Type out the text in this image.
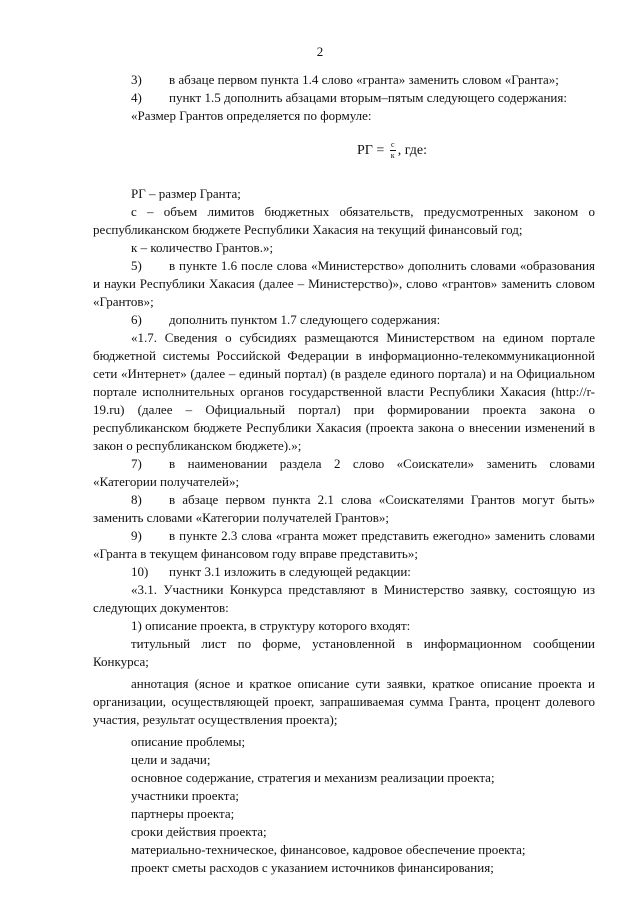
2

3) в абзаце первом пункта 1.4 слово «гранта» заменить словом «Гранта»;

4) пункт 1.5 дополнить абзацами вторым–пятым следующего содержания:

«Размер Грантов определяется по формуле:

РГ = $\frac{с}{к}$ , где:

РГ – размер Гранта;

с – объем лимитов бюджетных обязательств, предусмотренных законом о республиканском бюджете Республики Хакасия на текущий финансовый год;

к – количество Грантов.»;

5) в пункте 1.6 после слова «Министерство» дополнить словами «образования и науки Республики Хакасия (далее – Министерство)», слово «грантов» заменить словом «Грантов»;

6) дополнить пунктом 1.7 следующего содержания:

«1.7. Сведения о субсидиях размещаются Министерством на едином портале бюджетной системы Российской Федерации в информационно-телекоммуникационной сети «Интернет» (далее – единый портал) (в разделе единого портала) и на Официальном портале исполнительных органов государственной власти Республики Хакасия (http://r-19.ru) (далее – Официальный портал) при формировании проекта закона о республиканском бюджете Республики Хакасия (проекта закона о внесении изменений в закон о республиканском бюджете).»;

7) в наименовании раздела 2 слово «Соискатели» заменить словами «Категории получателей»;

8) в абзаце первом пункта 2.1 слова «Соискателями Грантов могут быть» заменить словами «Категории получателей Грантов»;

9) в пункте 2.3 слова «гранта может представить ежегодно» заменить словами «Гранта в текущем финансовом году вправе представить»;

10) пункт 3.1 изложить в следующей редакции:

«3.1. Участники Конкурса представляют в Министерство заявку, состоящую из следующих документов:

1) описание проекта, в структуру которого входят:

титульный лист по форме, установленной в информационном сообщении Конкурса;

аннотация (ясное и краткое описание сути заявки, краткое описание проекта и организации, осуществляющей проект, запрашиваемая сумма Гранта, процент долевого участия, результат осуществления проекта);

описание проблемы;

цели и задачи;

основное содержание, стратегия и механизм реализации проекта;

участники проекта;

партнеры проекта;

сроки действия проекта;

материально-техническое, финансовое, кадровое обеспечение проекта;

проект сметы расходов с указанием источников финансирования;
